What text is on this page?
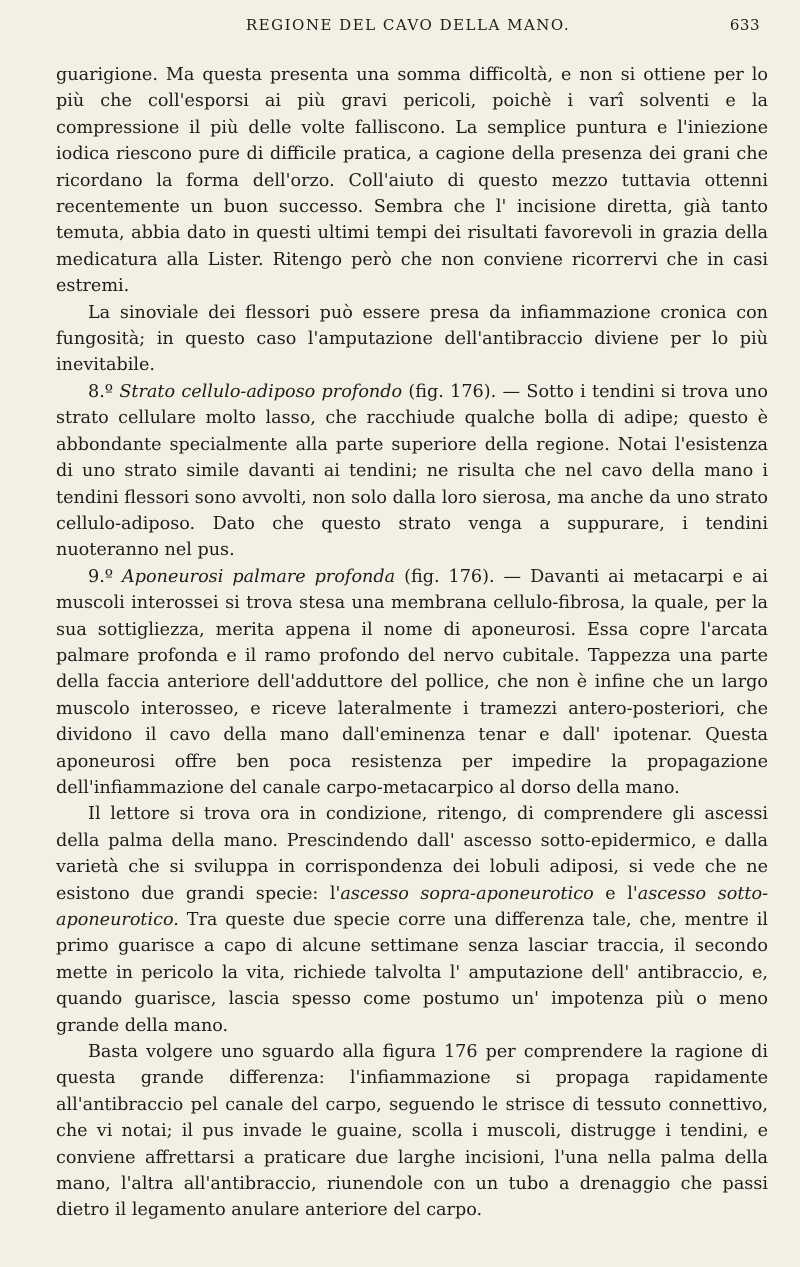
REGIONE DEL CAVO DELLA MANO.	633

guarigione. Ma questa presenta una somma difficoltà, e non si ottiene per lo più che coll'esporsi ai più gravi pericoli, poichè i varî solventi e la compressione il più delle volte falliscono. La semplice puntura e l'iniezione iodica riescono pure di difficile pratica, a cagione della presenza dei grani che ricordano la forma dell'orzo. Coll'aiuto di questo mezzo tuttavia ottenni recentemente un buon successo. Sembra che l' incisione diretta, già tanto temuta, abbia dato in questi ultimi tempi dei risultati favorevoli in grazia della medicatura alla Lister. Ritengo però che non conviene ricorrervi che in casi estremi.

La sinoviale dei flessori può essere presa da infiammazione cronica con fungosità; in questo caso l'amputazione dell'antibraccio diviene per lo più inevitabile.

8.º Strato cellulo-adiposo profondo (fig. 176). — Sotto i tendini si trova uno strato cellulare molto lasso, che racchiude qualche bolla di adipe; questo è abbondante specialmente alla parte superiore della regione. Notai l'esistenza di uno strato simile davanti ai tendini; ne risulta che nel cavo della mano i tendini flessori sono avvolti, non solo dalla loro sierosa, ma anche da uno strato cellulo-adiposo. Dato che questo strato venga a suppurare, i tendini nuoteranno nel pus.

9.º Aponeurosi palmare profonda (fig. 176). — Davanti ai metacarpi e ai muscoli interossei si trova stesa una membrana cellulo-fibrosa, la quale, per la sua sottigliezza, merita appena il nome di aponeurosi. Essa copre l'arcata palmare profonda e il ramo profondo del nervo cubitale. Tappezza una parte della faccia anteriore dell'adduttore del pollice, che non è infine che un largo muscolo interosseo, e riceve lateralmente i tramezzi antero-posteriori, che dividono il cavo della mano dall'eminenza tenar e dall' ipotenar. Questa aponeurosi offre ben poca resistenza per impedire la propagazione dell'infiammazione del canale carpo-metacarpico al dorso della mano.

Il lettore si trova ora in condizione, ritengo, di comprendere gli ascessi della palma della mano. Prescindendo dall' ascesso sotto-epidermico, e dalla varietà che si sviluppa in corrispondenza dei lobuli adiposi, si vede che ne esistono due grandi specie: l'ascesso sopra-aponeurotico e l'ascesso sotto-aponeurotico. Tra queste due specie corre una differenza tale, che, mentre il primo guarisce a capo di alcune settimane senza lasciar traccia, il secondo mette in pericolo la vita, richiede talvolta l' amputazione dell' antibraccio, e, quando guarisce, lascia spesso come postumo un' impotenza più o meno grande della mano.

Basta volgere uno sguardo alla figura 176 per comprendere la ragione di questa grande differenza: l'infiammazione si propaga rapidamente all'antibraccio pel canale del carpo, seguendo le strisce di tessuto connettivo, che vi notai; il pus invade le guaine, scolla i muscoli, distrugge i tendini, e conviene affrettarsi a praticare due larghe incisioni, l'una nella palma della mano, l'altra all'antibraccio, riunendole con un tubo a drenaggio che passi dietro il legamento anulare anteriore del carpo.
